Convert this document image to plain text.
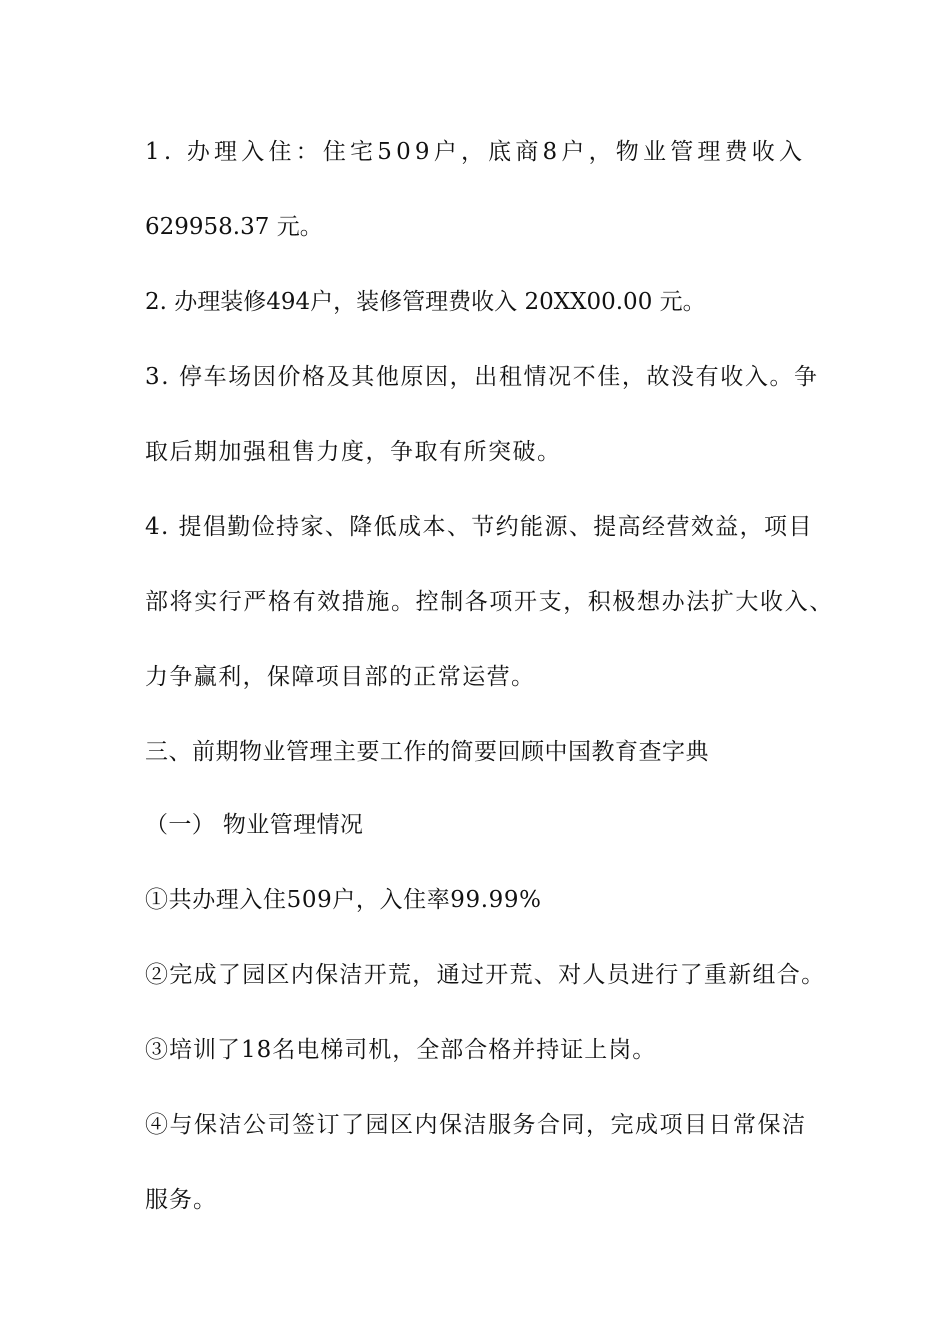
1. 办理入住：住宅509户，底商8户，物业管理费收入
629958.37 元。
2. 办理装修494户，装修管理费收入 20XX00.00 元。
3. 停车场因价格及其他原因，出租情况不佳，故没有收入。争
取后期加强租售力度，争取有所突破。
4. 提倡勤俭持家、降低成本、节约能源、提高经营效益，项目
部将实行严格有效措施。控制各项开支，积极想办法扩大收入、
力争赢利，保障项目部的正常运营。
三、前期物业管理主要工作的简要回顾中国教育查字典
（一） 物业管理情况
①共办理入住509户，入住率99.99%
②完成了园区内保洁开荒，通过开荒、对人员进行了重新组合。
③培训了18名电梯司机，全部合格并持证上岗。
④与保洁公司签订了园区内保洁服务合同，完成项目日常保洁
服务。
